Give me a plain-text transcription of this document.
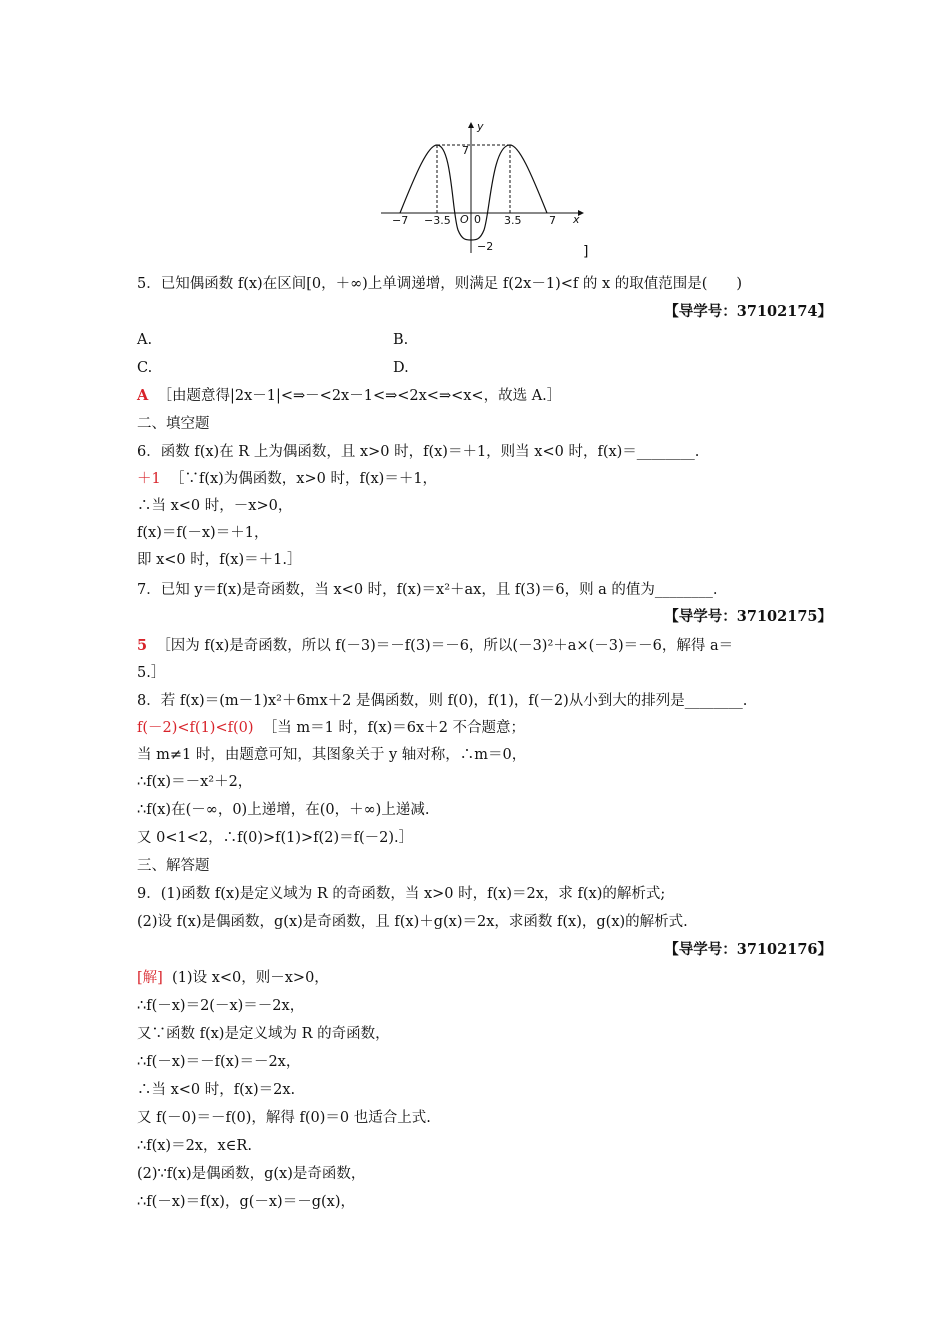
y
x
7
O
−7 −3.5 0 3.5	7
−2	]
5．已知偶函数 f(x)在区间[0，＋∞)上单调递增，则满足 f(2x－1)<f 的 x 的取值范围是(　　)
【导学号：37102174】
A.	B.
C.	D.
A ［由题意得|2x－1|<⇒－<2x－1<⇒<2x<⇒<x<，故选 A.］
二、填空题
6．函数 f(x)在 R 上为偶函数，且 x>0 时，f(x)＝＋1，则当 x<0 时，f(x)＝________.
＋1 ［∵f(x)为偶函数，x>0 时，f(x)＝＋1，
∴当 x<0 时，－x>0，
f(x)＝f(－x)＝＋1，
即 x<0 时，f(x)＝＋1.］
7．已知 y＝f(x)是奇函数，当 x<0 时，f(x)＝x²＋ax，且 f(3)＝6，则 a 的值为________.
【导学号：37102175】
5 ［因为 f(x)是奇函数，所以 f(－3)＝－f(3)＝－6，所以(－3)²＋a×(－3)＝－6，解得 a＝
5.］
8．若 f(x)＝(m－1)x²＋6mx＋2 是偶函数，则 f(0)，f(1)，f(－2)从小到大的排列是________.
f(－2)<f(1)<f(0) ［当 m＝1 时，f(x)＝6x＋2 不合题意；
当 m≠1 时，由题意可知，其图象关于 y 轴对称，∴m＝0，
∴f(x)＝－x²＋2，
∴f(x)在(－∞，0)上递增，在(0，＋∞)上递减.
又 0<1<2，∴f(0)>f(1)>f(2)＝f(－2).］
三、解答题
9．(1)函数 f(x)是定义域为 R 的奇函数，当 x>0 时，f(x)＝2x，求 f(x)的解析式;
(2)设 f(x)是偶函数，g(x)是奇函数，且 f(x)＋g(x)＝2x，求函数 f(x)，g(x)的解析式.
【导学号：37102176】
[解] (1)设 x<0，则－x>0，
∴f(－x)＝2(－x)＝－2x，
又∵函数 f(x)是定义域为 R 的奇函数，
∴f(－x)＝－f(x)＝－2x，
∴当 x<0 时，f(x)＝2x.
又 f(－0)＝－f(0)，解得 f(0)＝0 也适合上式.
∴f(x)＝2x，x∈R.
(2)∵f(x)是偶函数，g(x)是奇函数，
∴f(－x)＝f(x)，g(－x)＝－g(x)，
